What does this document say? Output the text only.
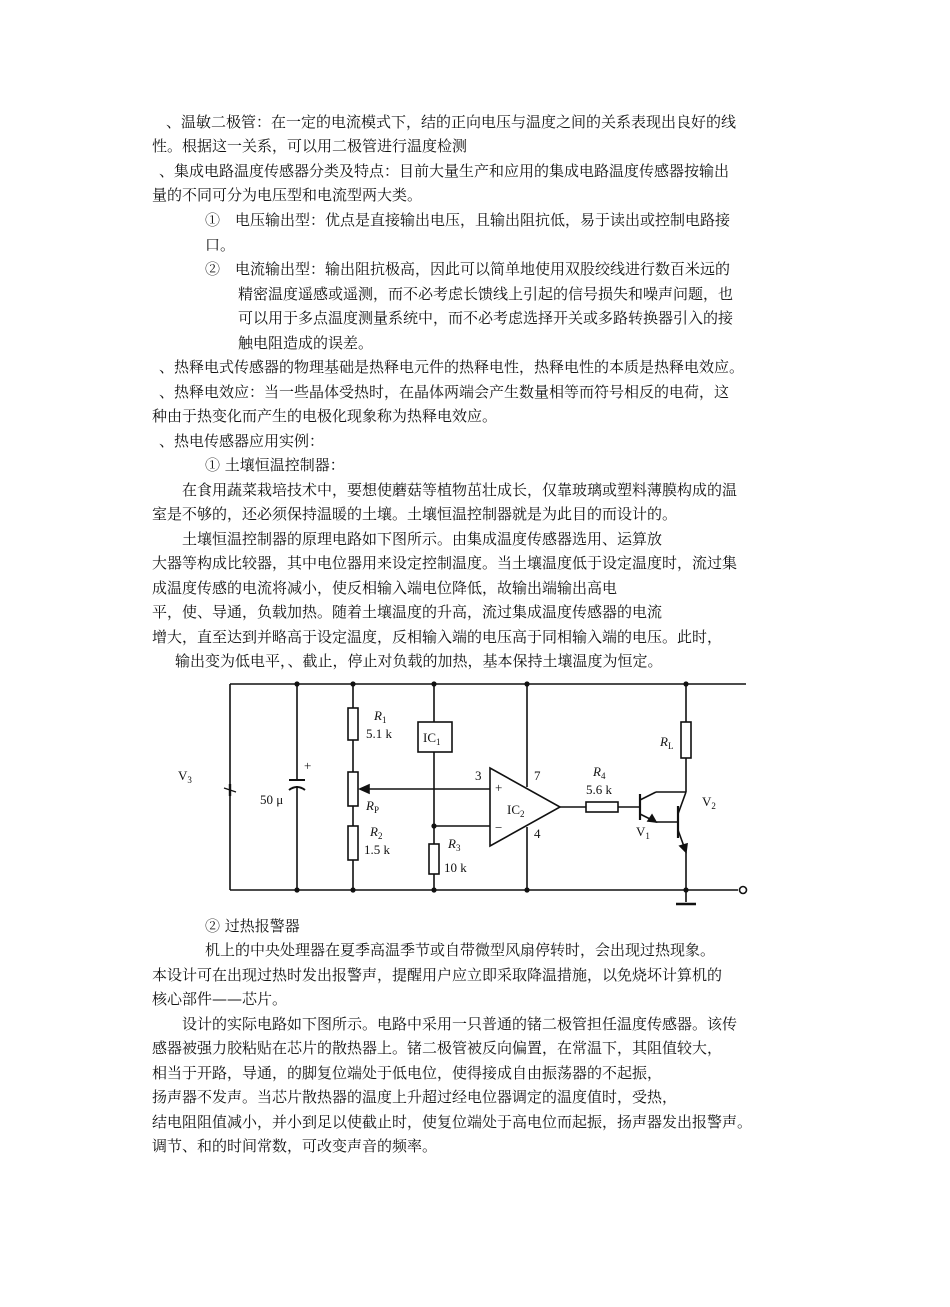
、温敏二极管：在一定的电流模式下，结的正向电压与温度之间的关系表现出良好的线
性。根据这一关系，可以用二极管进行温度检测
、集成电路温度传感器分类及特点：目前大量生产和应用的集成电路温度传感器按输出
量的不同可分为电压型和电流型两大类。
①　电压输出型：优点是直接输出电压，且输出阻抗低，易于读出或控制电路接
口。
②　电流输出型：输出阻抗极高，因此可以简单地使用双股绞线进行数百米远的
精密温度遥感或遥测，而不必考虑长馈线上引起的信号损失和噪声问题，也
可以用于多点温度测量系统中，而不必考虑选择开关或多路转换器引入的接
触电阻造成的误差。
、热释电式传感器的物理基础是热释电元件的热释电性，热释电性的本质是热释电效应。
、热释电效应：当一些晶体受热时，在晶体两端会产生数量相等而符号相反的电荷，这
种由于热变化而产生的电极化现象称为热释电效应。
、热电传感器应用实例：
① 土壤恒温控制器：
在食用蔬菜栽培技术中，要想使蘑菇等植物茁壮成长，仅靠玻璃或塑料薄膜构成的温
室是不够的，还必须保持温暖的土壤。土壤恒温控制器就是为此目的而设计的。
土壤恒温控制器的原理电路如下图所示。由集成温度传感器选用、运算放
大器等构成比较器，其中电位器用来设定控制温度。当土壤温度低于设定温度时，流过集
成温度传感的电流将减小，使反相输入端电位降低，故输出端输出高电
平，使、导通，负载加热。随着土壤温度的升高，流过集成温度传感器的电流
增大，直至达到并略高于设定温度，反相输入端的电压高于同相输入端的电压。此时，
输出变为低电平，、截止，停止对负载的加热，基本保持土壤温度为恒定。
$V_3$
+
50 μ
$R_1$
5.1 k
$R_P$
$R_2$
1.5 k
$IC_1$
$R_3$
10 k
3	7
4
+
−
$IC_2$
$R_4$
5.6 k
$R_L$
$V_1$
$V_2$
② 过热报警器
机上的中央处理器在夏季高温季节或自带微型风扇停转时，会出现过热现象。
本设计可在出现过热时发出报警声，提醒用户应立即采取降温措施，以免烧坏计算机的
核心部件——芯片。
设计的实际电路如下图所示。电路中采用一只普通的锗二极管担任温度传感器。该传
感器被强力胶粘贴在芯片的散热器上。锗二极管被反向偏置，在常温下，其阻值较大，
相当于开路，导通，的脚复位端处于低电位，使得接成自由振荡器的不起振，
扬声器不发声。当芯片散热器的温度上升超过经电位器调定的温度值时，受热，
结电阻阻值减小，并小到足以使截止时，使复位端处于高电位而起振，扬声器发出报警声。
调节、和的时间常数，可改变声音的频率。
